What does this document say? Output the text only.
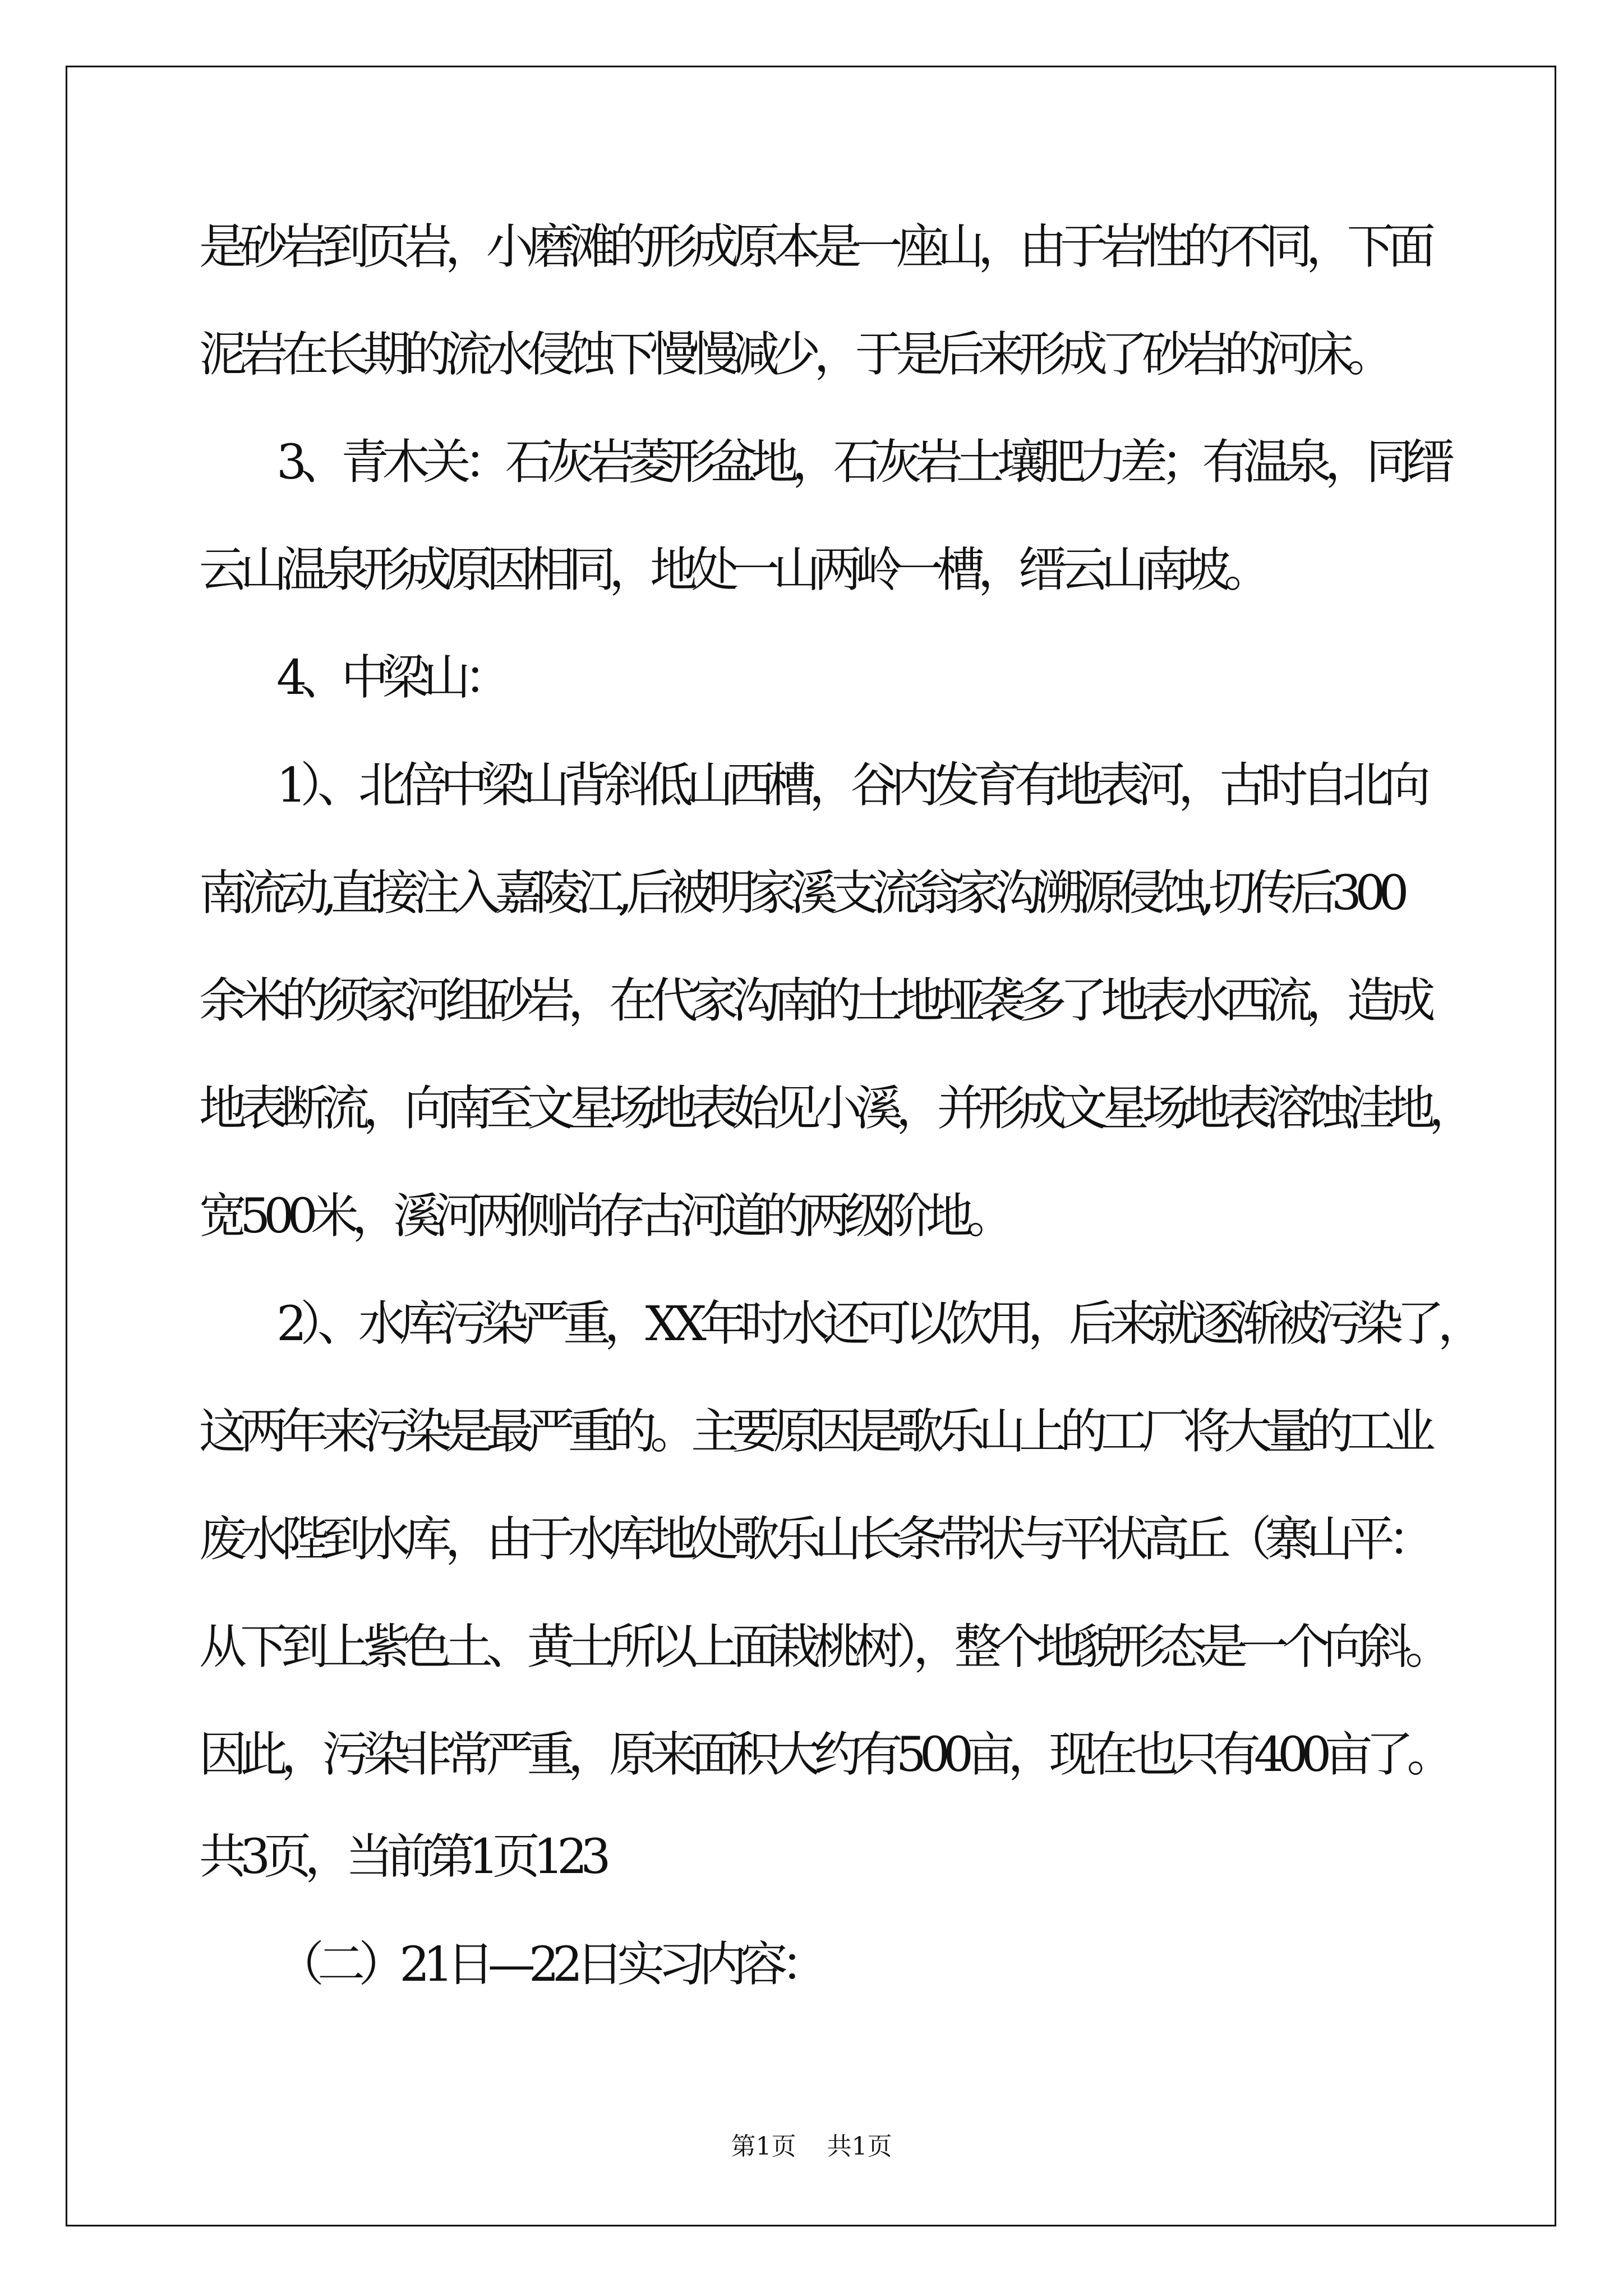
是砂岩到页岩，小磨滩的形成原本是一座山，由于岩性的不同，下面
泥岩在长期的流水侵蚀下慢慢减少，于是后来形成了砂岩的河床。
3、青木关：石灰岩菱形盆地，石灰岩土壤肥力差；有温泉，同缙
云山温泉形成原因相同，地处一山两岭一槽，缙云山南坡。
4、中梁山：
1）、北倍中梁山背斜低山西槽，谷内发育有地表河，古时自北向
南流动,直接注入嘉陵江,后被明家溪支流翁家沟溯源侵蚀,切传后300
余米的须家河组砂岩，在代家沟南的土地垭袭多了地表水西流，造成
地表断流，向南至文星场地表始见小溪，并形成文星场地表溶蚀洼地，
宽500米，溪河两侧尚存古河道的两级阶地。
2）、水库污染严重，XX年时水还可以饮用，后来就逐渐被污染了，
这两年来污染是最严重的。主要原因是歌乐山上的工厂将大量的工业
废水陛到水库，由于水库地处歌乐山长条带状与平状高丘（寨山平：
从下到上紫色土、黄土所以上面栽桃树），整个地貌形态是一个向斜。
因此，污染非常严重，原来面积大约有500亩，现在也只有400亩了。
共3页，当前第1页123
（二）21日—22日实习内容：
第1页 共1页
